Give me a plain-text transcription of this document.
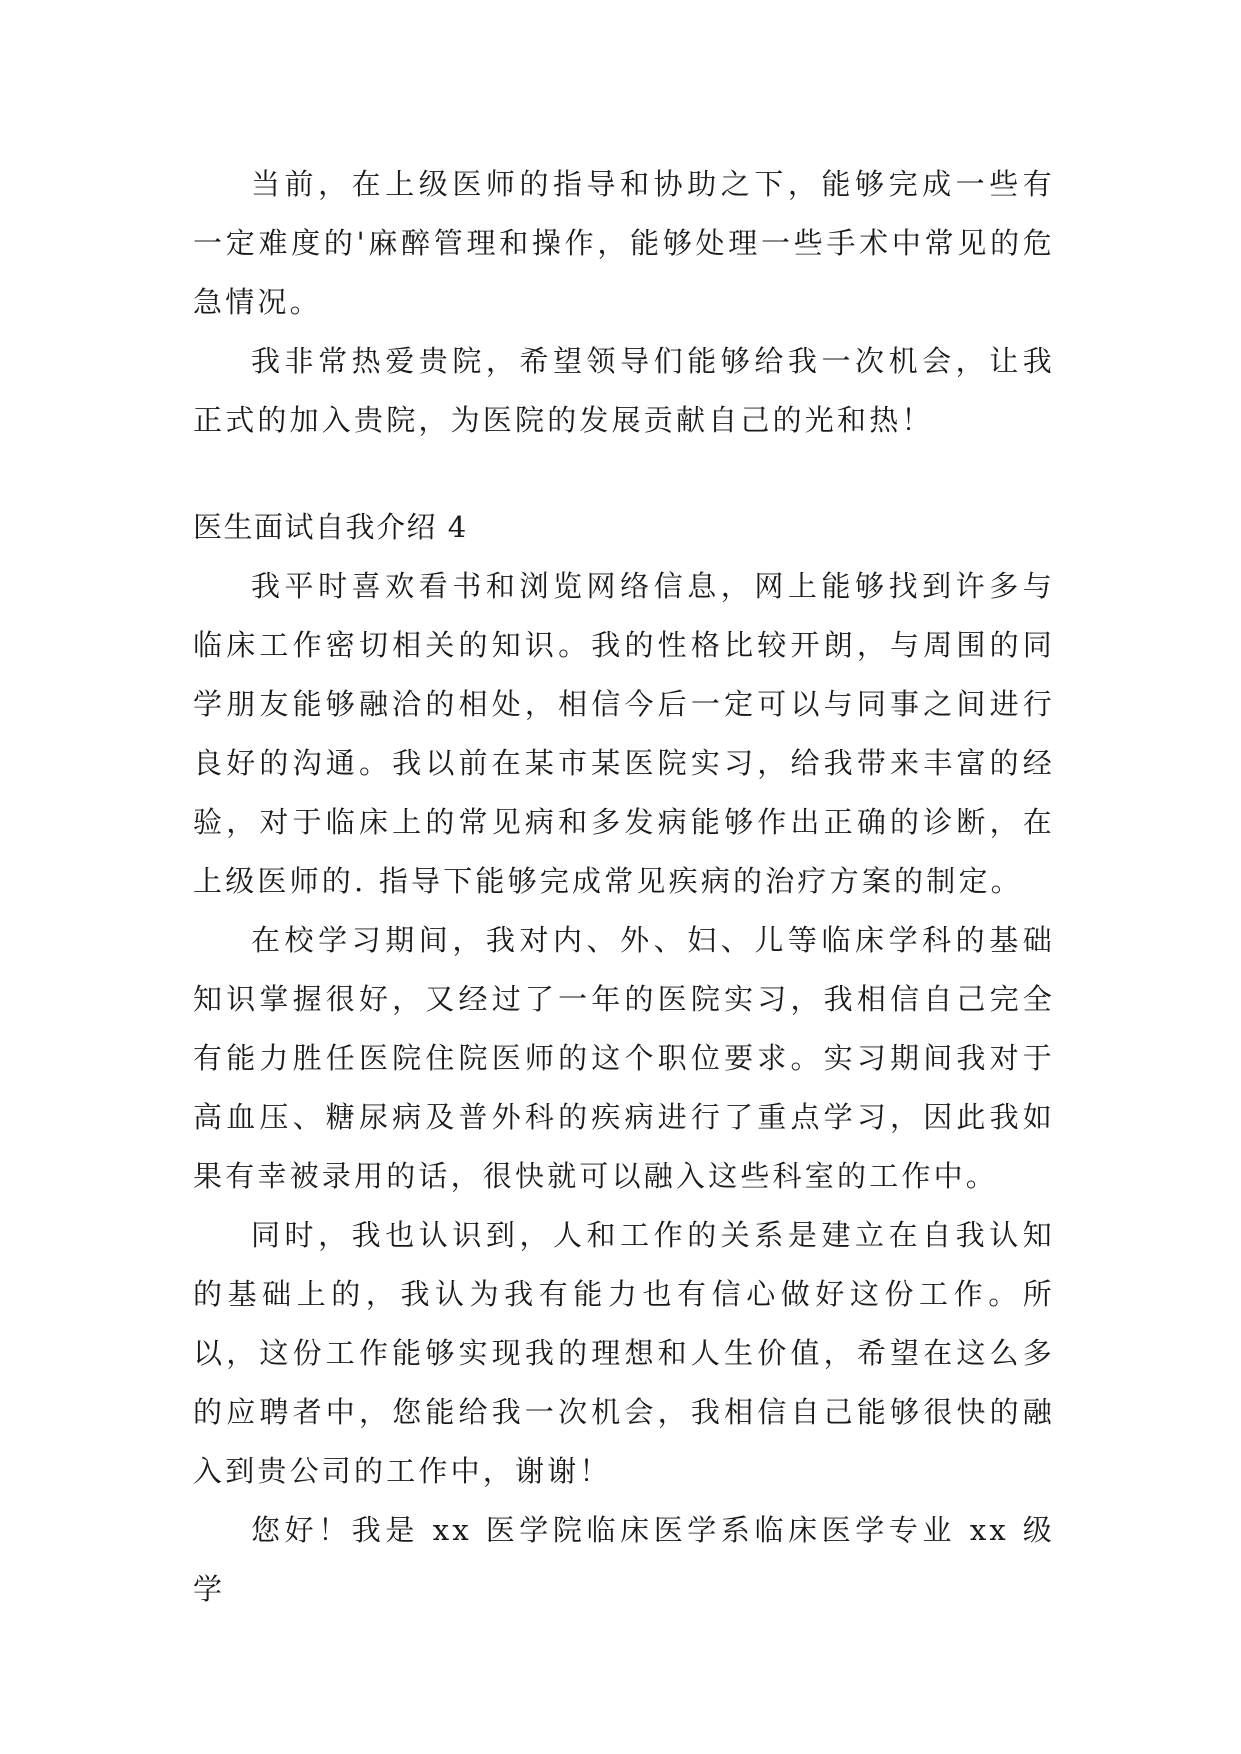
当前，在上级医师的指导和协助之下，能够完成一些有一定难度的'麻醉管理和操作，能够处理一些手术中常见的危急情况。

我非常热爱贵院，希望领导们能够给我一次机会，让我正式的加入贵院，为医院的发展贡献自己的光和热！

医生面试自我介绍 4

我平时喜欢看书和浏览网络信息，网上能够找到许多与临床工作密切相关的知识。我的性格比较开朗，与周围的同学朋友能够融洽的相处，相信今后一定可以与同事之间进行良好的沟通。我以前在某市某医院实习，给我带来丰富的经验，对于临床上的常见病和多发病能够作出正确的诊断，在上级医师的. 指导下能够完成常见疾病的治疗方案的制定。

在校学习期间，我对内、外、妇、儿等临床学科的基础知识掌握很好，又经过了一年的医院实习，我相信自己完全有能力胜任医院住院医师的这个职位要求。实习期间我对于高血压、糖尿病及普外科的疾病进行了重点学习，因此我如果有幸被录用的话，很快就可以融入这些科室的工作中。

同时，我也认识到，人和工作的关系是建立在自我认知的基础上的，我认为我有能力也有信心做好这份工作。所以，这份工作能够实现我的理想和人生价值，希望在这么多的应聘者中，您能给我一次机会，我相信自己能够很快的融入到贵公司的工作中，谢谢！

您好！我是 xx 医学院临床医学系临床医学专业 xx 级学
